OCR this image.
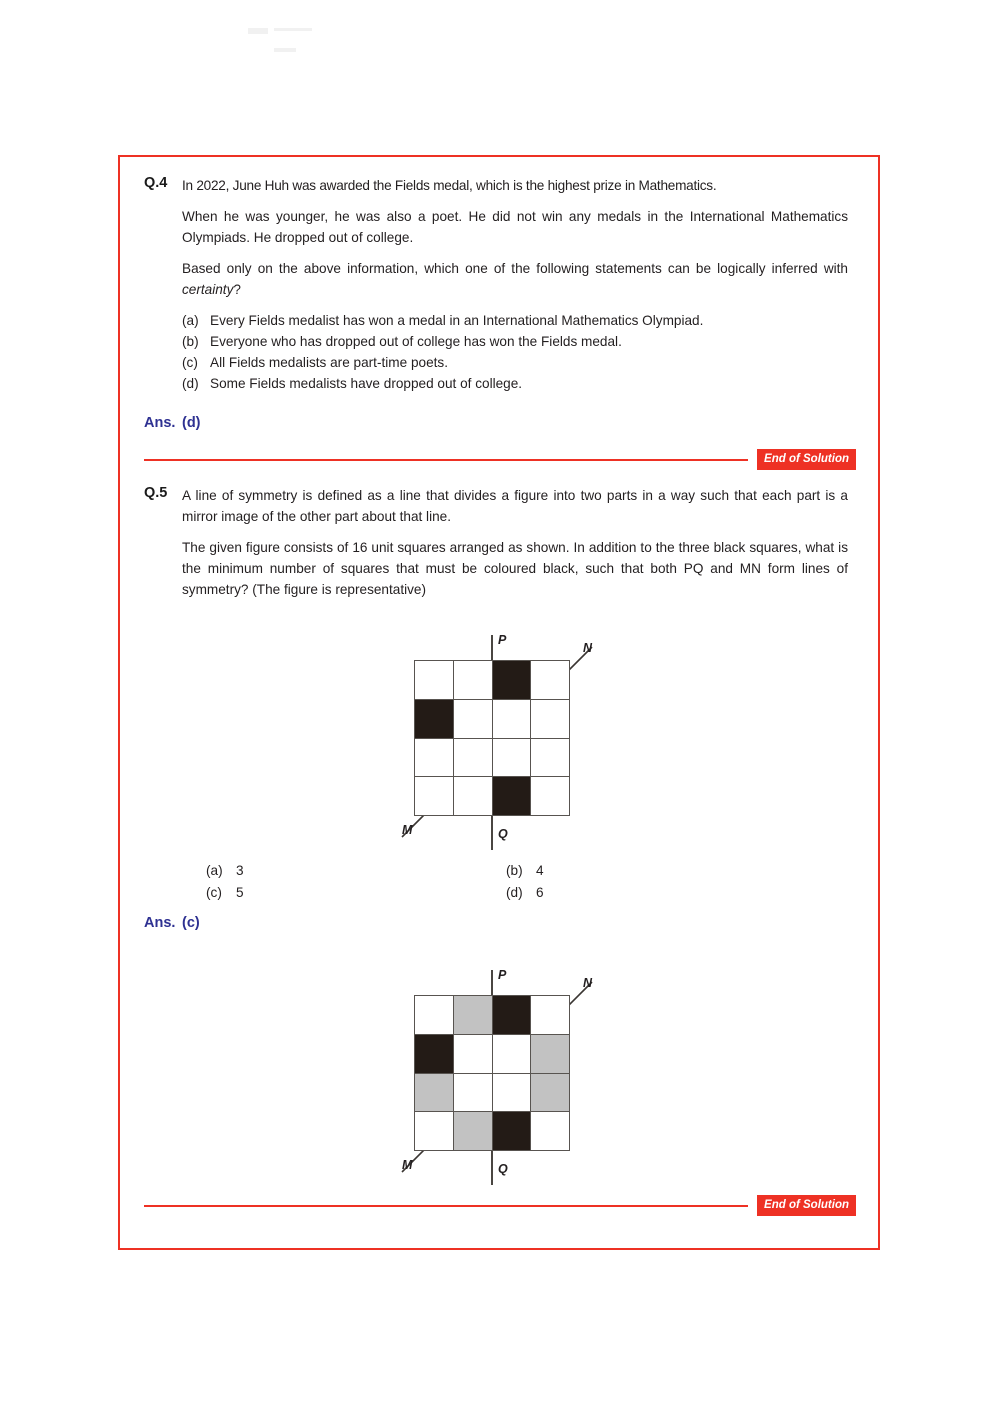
Q.4	In 2022, June Huh was awarded the Fields medal, which is the highest prize in Mathematics.

When he was younger, he was also a poet. He did not win any medals in the International Mathematics Olympiads. He dropped out of college.

Based only on the above information, which one of the following statements can be logically inferred with certainty?

(a) Every Fields medalist has won a medal in an International Mathematics Olympiad.
(b) Everyone who has dropped out of college has won the Fields medal.
(c) All Fields medalists are part-time poets.
(d) Some Fields medalists have dropped out of college.
Ans. (d)
End of Solution
Q.5	A line of symmetry is defined as a line that divides a figure into two parts in a way such that each part is a mirror image of the other part about that line.

The given figure consists of 16 unit squares arranged as shown. In addition to the three black squares, what is the minimum number of squares that must be coloured black, such that both PQ and MN form lines of symmetry? (The figure is representative)

P
N
M	Q
(a) 3	(b) 4
(c)	5	(d) 6
Ans. (c)
P
N
M	Q
End of Solution
